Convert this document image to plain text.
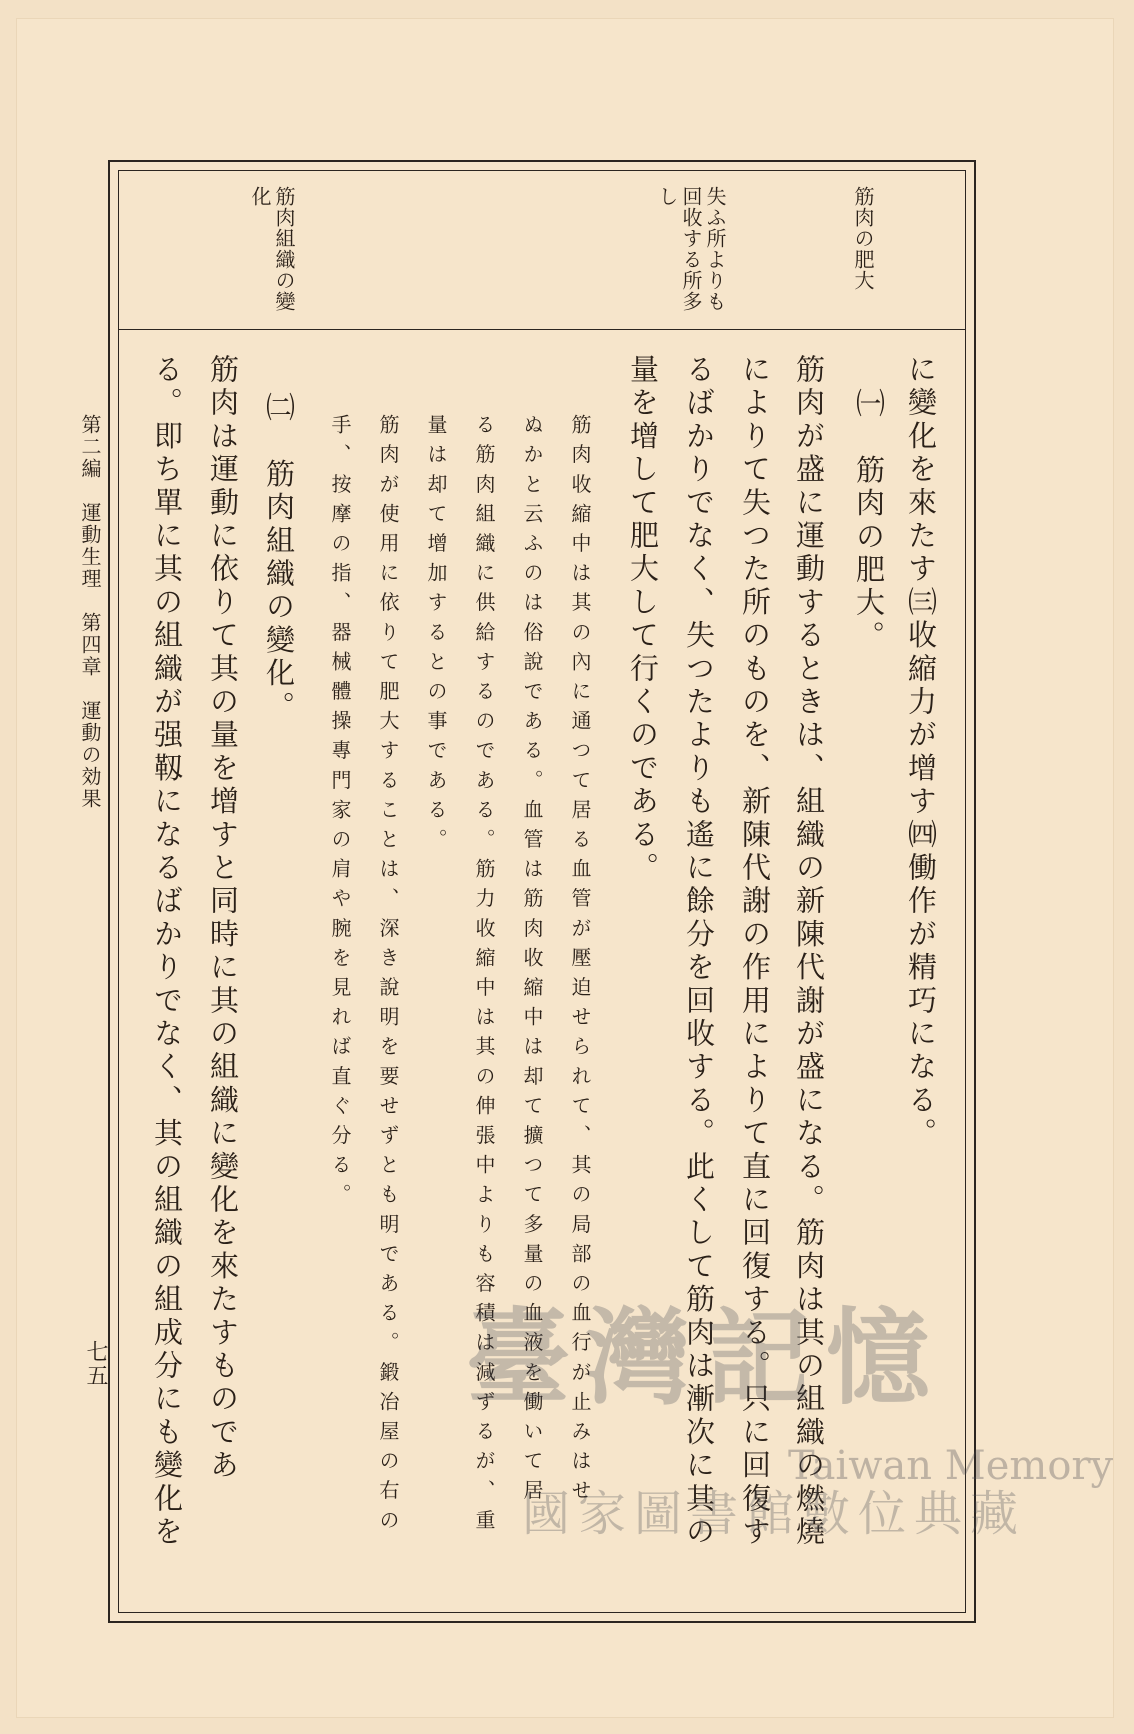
筋肉の肥大
失ふ所よりも
回收する所多
し
筋肉組織の變
化
に變化を來たす㈢收縮力が增す㈣働作が精巧になる。
㈠　筋肉の肥大。
筋肉が盛に運動するときは、組織の新陳代謝が盛になる。筋肉は其の組織の燃燒
によりて失つた所のものを、新陳代謝の作用によりて直に回復する。只に回復す
るばかりでなく、失つたよりも遙に餘分を回收する。此くして筋肉は漸次に其の
量を增して肥大して行くのである。
筋肉收縮中は其の內に通つて居る血管が壓迫せられて、其の局部の血行が止みはせ
ぬかと云ふのは俗說である。血管は筋肉收縮中は却て擴つて多量の血液を働いて居
る筋肉組織に供給するのである。筋力收縮中は其の伸張中よりも容積は減ずるが、重
量は却て增加するとの事である。
筋肉が使用に依りて肥大することは、深き說明を要せずとも明である。鍛冶屋の右の
手、按摩の指、器械體操專門家の肩や腕を見れば直ぐ分る。
㈡　筋肉組織の變化。
筋肉は運動に依りて其の量を增すと同時に其の組織に變化を來たすものであ
る。即ち單に其の組織が强靱になるばかりでなく、其の組織の組成分にも變化を
第二編　運動生理　第四章　運動の効果
七五	臺灣記憶
Taiwan Memory
國家圖書館數位典藏
